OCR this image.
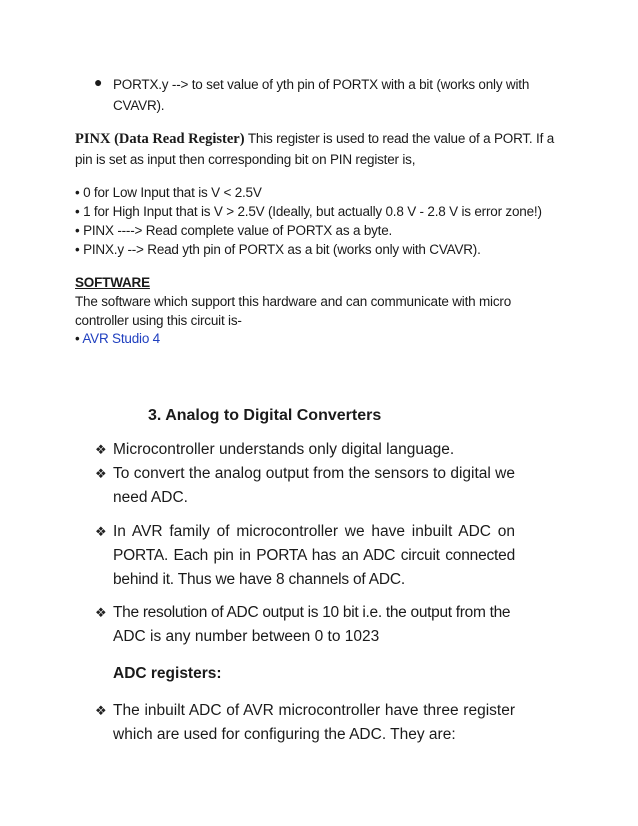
● PORTX.y --> to set value of yth pin of PORTX with a bit (works only with
CVAVR).
PINX (Data Read Register) This register is used to read the value of a PORT. If a
pin is set as input then corresponding bit on PIN register is,
• 0 for Low Input that is V < 2.5V
• 1 for High Input that is V > 2.5V (Ideally, but actually 0.8 V - 2.8 V is error zone!)
• PINX ----> Read complete value of PORTX as a byte.
• PINX.y --> Read yth pin of PORTX as a bit (works only with CVAVR).
SOFTWARE
The software which support this hardware and can communicate with micro
controller using this circuit is-
• AVR Studio 4
3. Analog to Digital Converters
❖ Microcontroller understands only digital language.
❖ To convert the analog output from the sensors to digital we
need ADC.
❖ In AVR family of microcontroller we have inbuilt ADC on
PORTA. Each pin in PORTA has an ADC circuit connected
behind it. Thus we have 8 channels of ADC.
❖ The resolution of ADC output is 10 bit i.e. the output from the
ADC is any number between 0 to 1023
ADC registers:
❖ The inbuilt ADC of AVR microcontroller have three register
which are used for configuring the ADC. They are:
